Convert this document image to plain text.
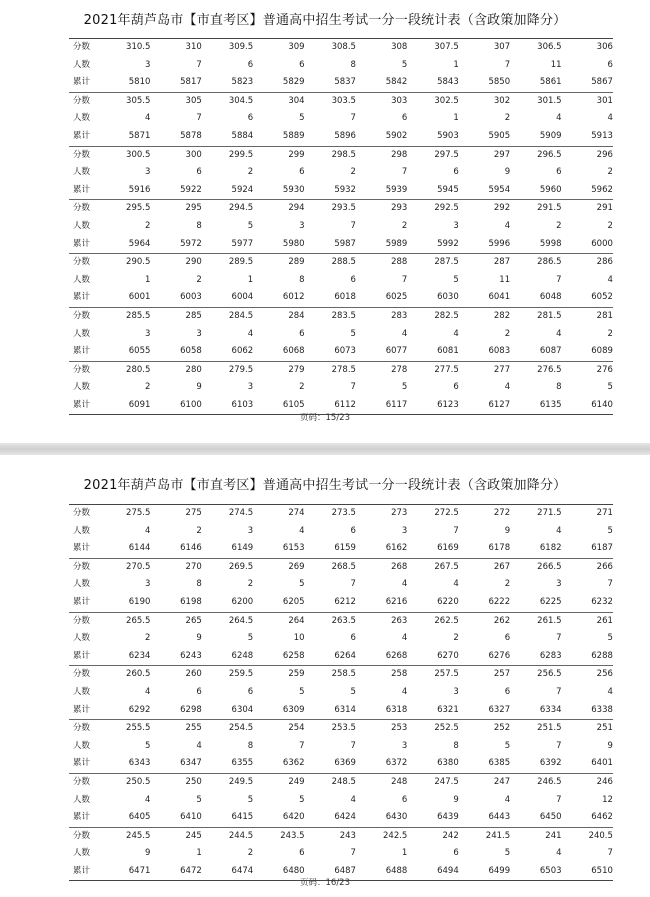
2021年葫芦岛市【市直考区】普通高中招生考试一分一段统计表（含政策加降分）
分数	310.5	310	309.5	309	308.5	308	307.5	307	306.5	306
人数	3	7	6	6	8	5	1	7	11	6
累计	5810	5817	5823	5829	5837	5842	5843	5850	5861	5867
分数	305.5	305	304.5	304	303.5	303	302.5	302	301.5	301
人数	4	7	6	5	7	6	1	2	4	4
累计	5871	5878	5884	5889	5896	5902	5903	5905	5909	5913
分数	300.5	300	299.5	299	298.5	298	297.5	297	296.5	296
人数	3	6	2	6	2	7	6	9	6	2
累计	5916	5922	5924	5930	5932	5939	5945	5954	5960	5962
分数	295.5	295	294.5	294	293.5	293	292.5	292	291.5	291
人数	2	8	5	3	7	2	3	4	2	2
累计	5964	5972	5977	5980	5987	5989	5992	5996	5998	6000
分数	290.5	290	289.5	289	288.5	288	287.5	287	286.5	286
人数	1	2	1	8	6	7	5	11	7	4
累计	6001	6003	6004	6012	6018	6025	6030	6041	6048	6052
分数	285.5	285	284.5	284	283.5	283	282.5	282	281.5	281
人数	3	3	4	6	5	4	4	2	4	2
累计	6055	6058	6062	6068	6073	6077	6081	6083	6087	6089
分数	280.5	280	279.5	279	278.5	278	277.5	277	276.5	276
人数	2	9	3	2	7	5	6	4	8	5
累计	6091	6100	6103	6105	6112	6117	6123	6127	6135	6140
页码：15/23
2021年葫芦岛市【市直考区】普通高中招生考试一分一段统计表（含政策加降分）
分数	275.5	275	274.5	274	273.5	273	272.5	272	271.5	271
人数	4	2	3	4	6	3	7	9	4	5
累计	6144	6146	6149	6153	6159	6162	6169	6178	6182	6187
分数	270.5	270	269.5	269	268.5	268	267.5	267	266.5	266
人数	3	8	2	5	7	4	4	2	3	7
累计	6190	6198	6200	6205	6212	6216	6220	6222	6225	6232
分数	265.5	265	264.5	264	263.5	263	262.5	262	261.5	261
人数	2	9	5	10	6	4	2	6	7	5
累计	6234	6243	6248	6258	6264	6268	6270	6276	6283	6288
分数	260.5	260	259.5	259	258.5	258	257.5	257	256.5	256
人数	4	6	6	5	5	4	3	6	7	4
累计	6292	6298	6304	6309	6314	6318	6321	6327	6334	6338
分数	255.5	255	254.5	254	253.5	253	252.5	252	251.5	251
人数	5	4	8	7	7	3	8	5	7	9
累计	6343	6347	6355	6362	6369	6372	6380	6385	6392	6401
分数	250.5	250	249.5	249	248.5	248	247.5	247	246.5	246
人数	4	5	5	5	4	6	9	4	7	12
累计	6405	6410	6415	6420	6424	6430	6439	6443	6450	6462
分数	245.5	245	244.5	243.5	243	242.5	242	241.5	241	240.5
人数	9	1	2	6	7	1	6	5	4	7
累计	6471	6472	6474	6480	6487	6488	6494	6499	6503	6510
页码：16/23
